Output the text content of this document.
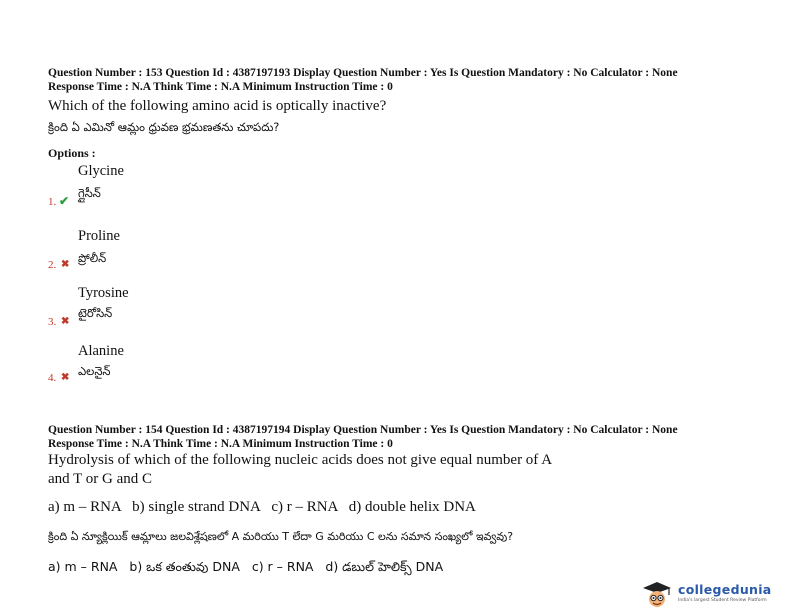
Question Number : 153 Question Id : 4387197193 Display Question Number : Yes Is Question Mandatory : No Calculator : None
Response Time : N.A Think Time : N.A Minimum Instruction Time : 0
Which of the following amino acid is optically inactive?
క్రింది ఏ ఎమినో ఆమ్లం ధ్రువణ భ్రమణతను చూపదు?
Options :
Glycine
గ్లైసీన్
1. ✔
Proline
ప్రోలీన్
2. ✖
Tyrosine
టైరోసిన్
3. ✖
Alanine
ఎలనైన్
4. ✖
Question Number : 154 Question Id : 4387197194 Display Question Number : Yes Is Question Mandatory : No Calculator : None
Response Time : N.A Think Time : N.A Minimum Instruction Time : 0
Hydrolysis of which of the following nucleic acids does not give equal number of A
and T or G and C
a) m – RNA   b) single strand DNA   c) r – RNA   d) double helix DNA
క్రింది ఏ న్యూక్లియిక్ ఆమ్లాలు జలవిశ్లేషణలో A మరియు T లేదా G మరియు C లను సమాన సంఖ్యలో ఇవ్వవు?
a) m – RNA   b) ఒక తంతువు DNA   c) r – RNA   d) డబుల్ హెలిక్స్ DNA
collegedunia
India's largest Student Review Platform
